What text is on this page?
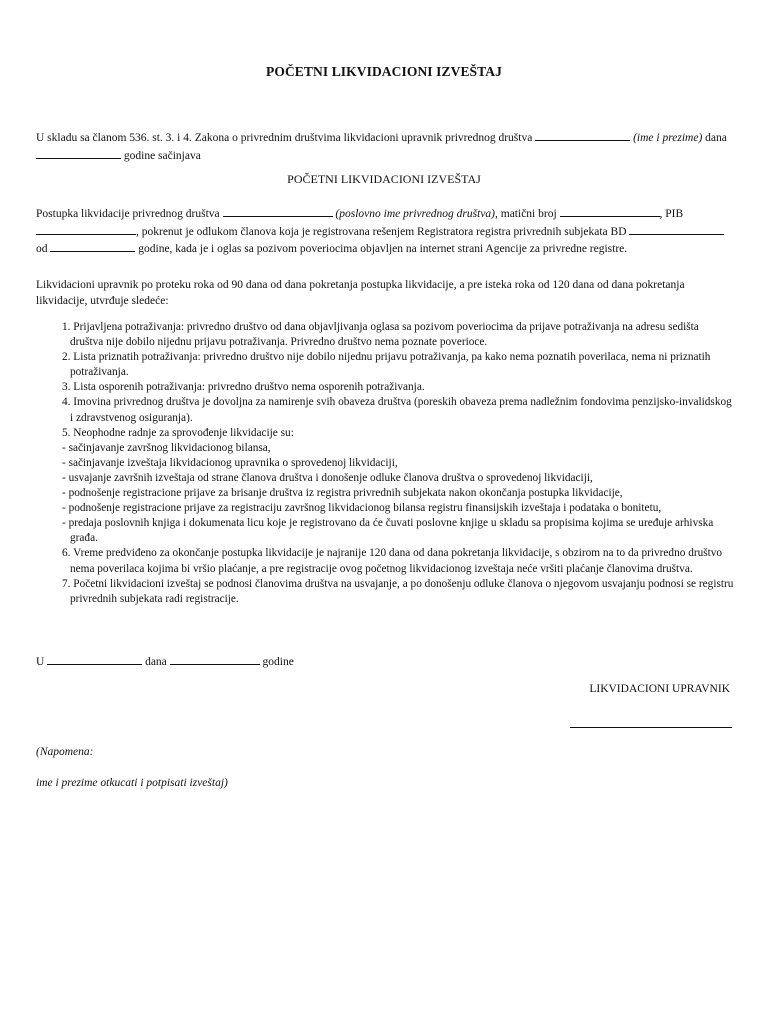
POČETNI LIKVIDACIONI IZVEŠTAJ
U skladu sa članom 536. st. 3. i 4. Zakona o privrednim društvima likvidacioni upravnik privrednog društva	(ime i prezime) dana  godine sačinjava
POČETNI LIKVIDACIONI IZVEŠTAJ
Postupka likvidacije privrednog društva	(poslovno ime privrednog društva), matični broj	, PIB , pokrenut je odlukom članova koja je registrovana rešenjem Registratora registra privrednih subjekata BD  od	godine, kada je i oglas sa pozivom poveriocima objavljen na internet strani Agencije za privredne registre.
Likvidacioni upravnik po proteku roka od 90 dana od dana pokretanja postupka likvidacije, a pre isteka roka od 120 dana od dana pokretanja likvidacije, utvrđuje sledeće:
1. Prijavljena potraživanja: privredno društvo od dana objavljivanja oglasa sa pozivom poveriocima da prijave potraživanja na adresu sedišta društva nije dobilo nijednu prijavu potraživanja. Privredno društvo nema poznate poverioce.
2. Lista priznatih potraživanja: privredno društvo nije dobilo nijednu prijavu potraživanja, pa kako nema poznatih poverilaca, nema ni priznatih potraživanja.
3. Lista osporenih potraživanja: privredno društvo nema osporenih potraživanja.
4. Imovina privrednog društva je dovoljna za namirenje svih obaveza društva (poreskih obaveza prema nadležnim fondovima penzijsko-invalidskog i zdravstvenog osiguranja).
5. Neophodne radnje za sprovođenje likvidacije su:
- sačinjavanje završnog likvidacionog bilansa,
- sačinjavanje izveštaja likvidacionog upravnika o sprovedenoj likvidaciji,
- usvajanje završnih izveštaja od strane članova društva i donošenje odluke članova društva o sprovedenoj likvidaciji,
- podnošenje registracione prijave za brisanje društva iz registra privrednih subjekata nakon okončanja postupka likvidacije,
- podnošenje registracione prijave za registraciju završnog likvidacionog bilansa registru finansijskih izveštaja i podataka o bonitetu,
- predaja poslovnih knjiga i dokumenata licu koje je registrovano da će čuvati poslovne knjige u skladu sa propisima kojima se uređuje arhivska građa.
6. Vreme predviđeno za okončanje postupka likvidacije je najranije 120 dana od dana pokretanja likvidacije, s obzirom na to da privredno društvo nema poverilaca kojima bi vršio plaćanje, a pre registracije ovog početnog likvidacionog izveštaja neće vršiti plaćanje članovima društva.
7. Početni likvidacioni izveštaj se podnosi članovima društva na usvajanje, a po donošenju odluke članova o njegovom usvajanju podnosi se registru privrednih subjekata radi registracije.
U	dana	godine
LIKVIDACIONI UPRAVNIK
(Napomena:
ime i prezime otkucati i potpisati izveštaj)
